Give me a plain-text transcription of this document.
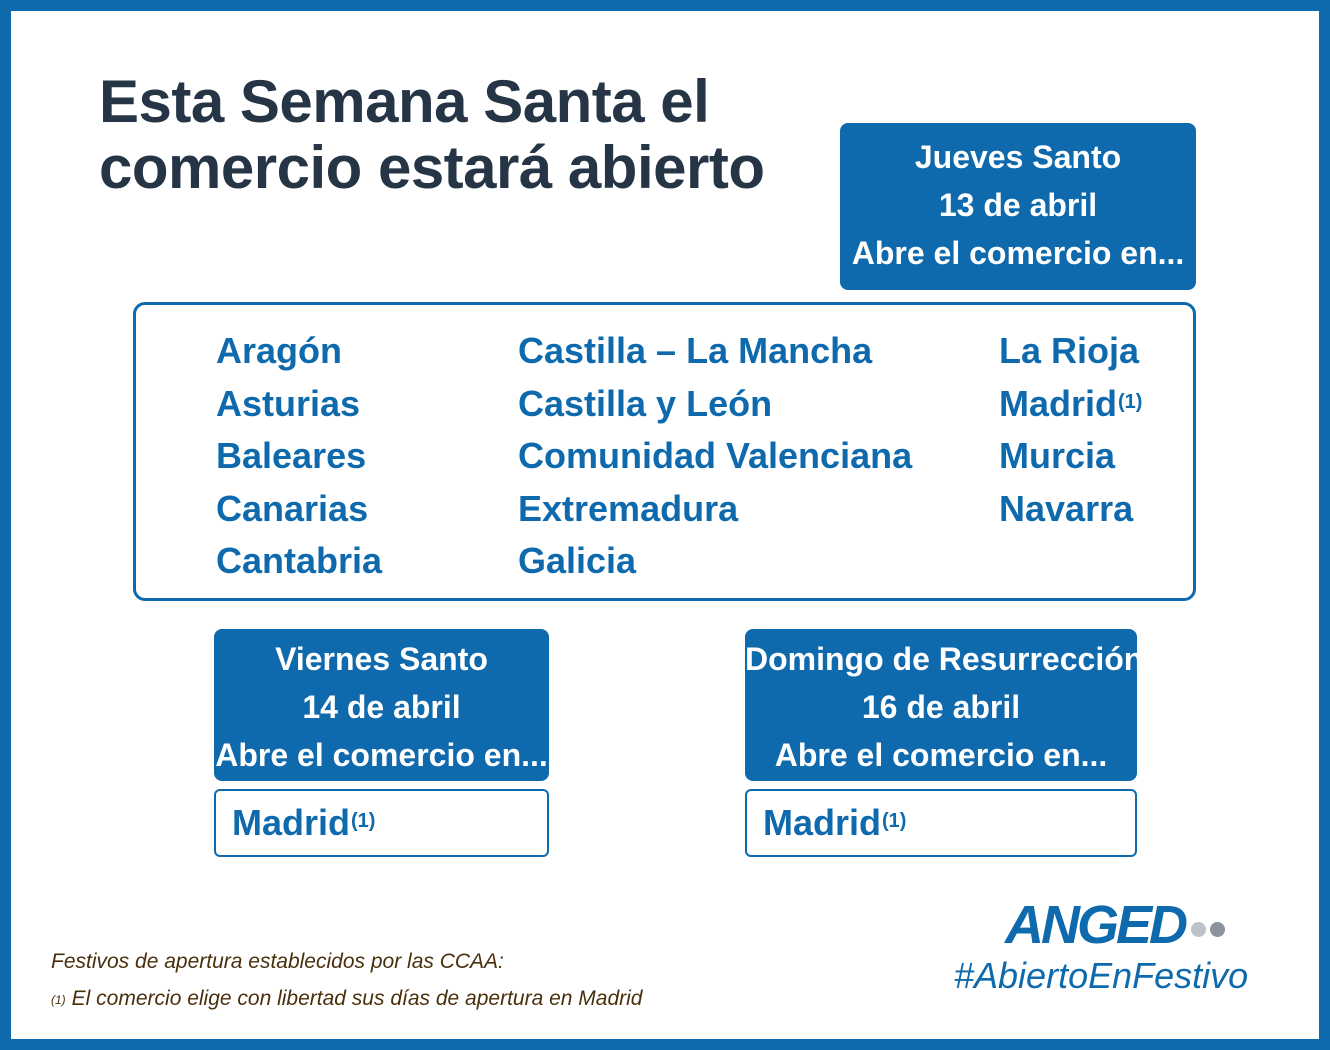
Esta Semana Santa el
comercio estará abierto	Jueves Santo
13 de abril
Abre el comercio en...
Aragón
Asturias
Baleares
Canarias
Cantabria
Castilla – La Mancha
Castilla y León
Comunidad Valenciana
Extremadura
Galicia
La Rioja
Madrid$^{(1)}$
Murcia
Navarra
Viernes Santo
14 de abril
Abre el comercio en...
Madrid$^{(1)}$
Domingo de Resurrección
16 de abril
Abre el comercio en...
Madrid$^{(1)}$
Festivos de apertura establecidos por las CCAA:
$^{(1)}$ El comercio elige con libertad sus días de apertura en Madrid
ANGED
#AbiertoEnFestivo
